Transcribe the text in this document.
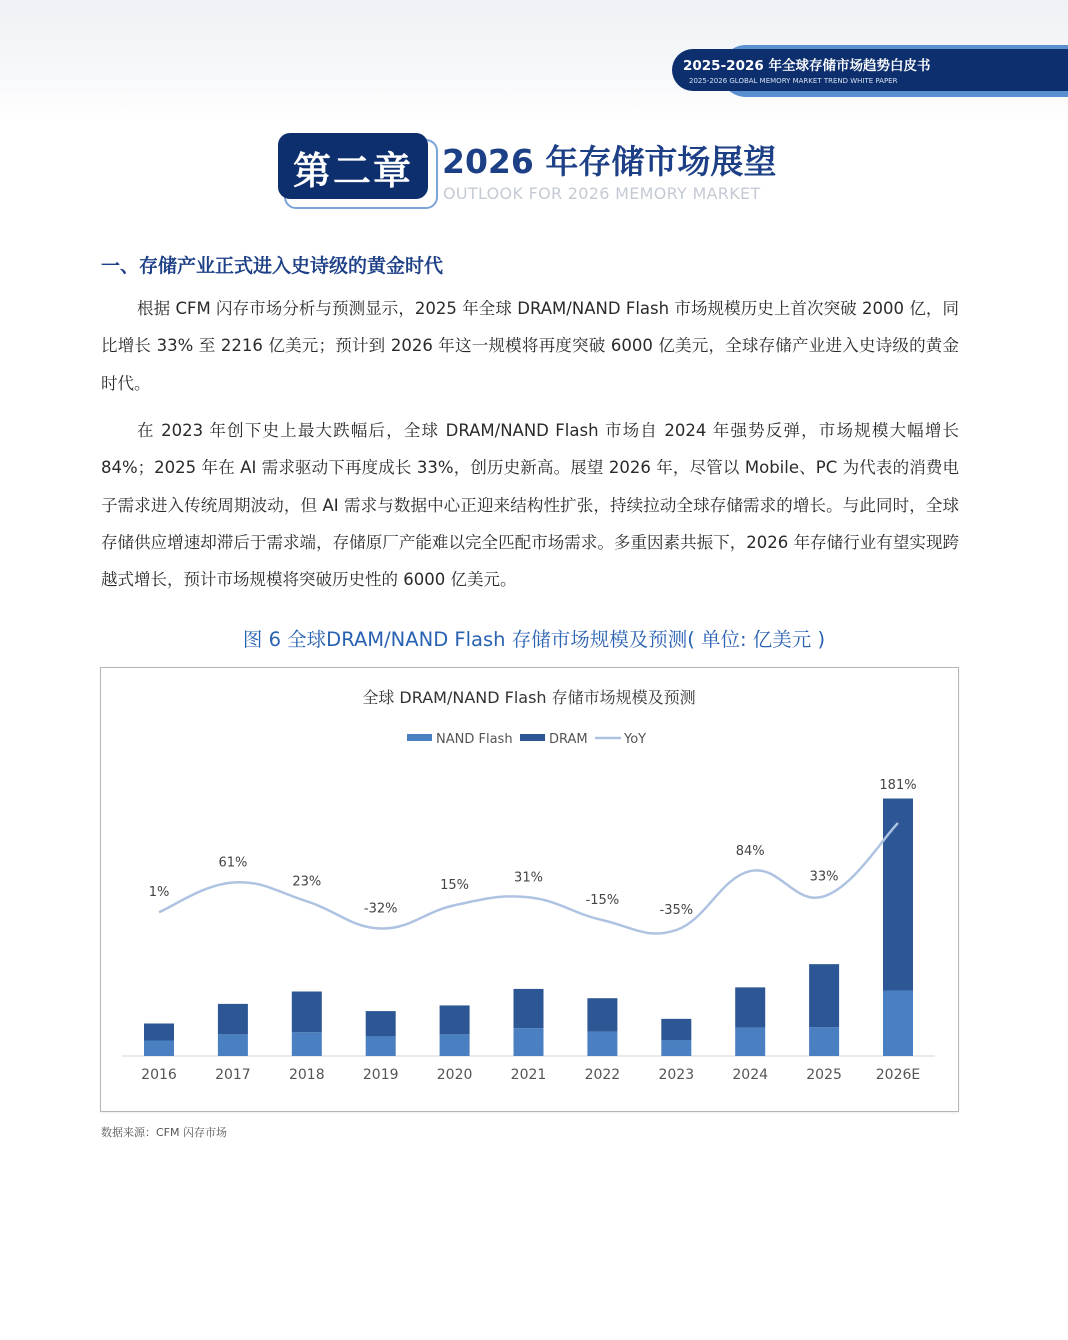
2025-2026 年全球存储市场趋势白皮书
2025-2026 GLOBAL MEMORY MARKET TREND WHITE PAPER
第二章 2026 年存储市场展望
OUTLOOK FOR 2026 MEMORY MARKET
一、存储产业正式进入史诗级的黄金时代

根据 CFM 闪存市场分析与预测显示，2025 年全球 DRAM/NAND Flash 市场规模历史上首次突破 2000 亿，同比增长 33% 至 2216 亿美元；预计到 2026 年这一规模将再度突破 6000 亿美元，全球存储产业进入史诗级的黄金时代。

在 2023 年创下史上最大跌幅后，全球 DRAM/NAND Flash 市场自 2024 年强势反弹，市场规模大幅增长 84%；2025 年在 AI 需求驱动下再度成长 33%，创历史新高。展望 2026 年，尽管以 Mobile、PC 为代表的消费电子需求进入传统周期波动，但 AI 需求与数据中心正迎来结构性扩张，持续拉动全球存储需求的增长。与此同时，全球存储供应增速却滞后于需求端，存储原厂产能难以完全匹配市场需求。多重因素共振下，2026 年存储行业有望实现跨越式增长，预计市场规模将突破历史性的 6000 亿美元。

图 6 全球DRAM/NAND Flash 存储市场规模及预测( 单位: 亿美元 )
全球 DRAM/NAND Flash 存储市场规模及预测
NAND Flash	DRAM	YoY
1%
61%
23%
-32%
15%
31%
-15%
-35%
84%
33%
181%
2016	2017	2018	2019	2020	2021	2022	2023	2024	2025 2026E
数据来源：CFM 闪存市场
